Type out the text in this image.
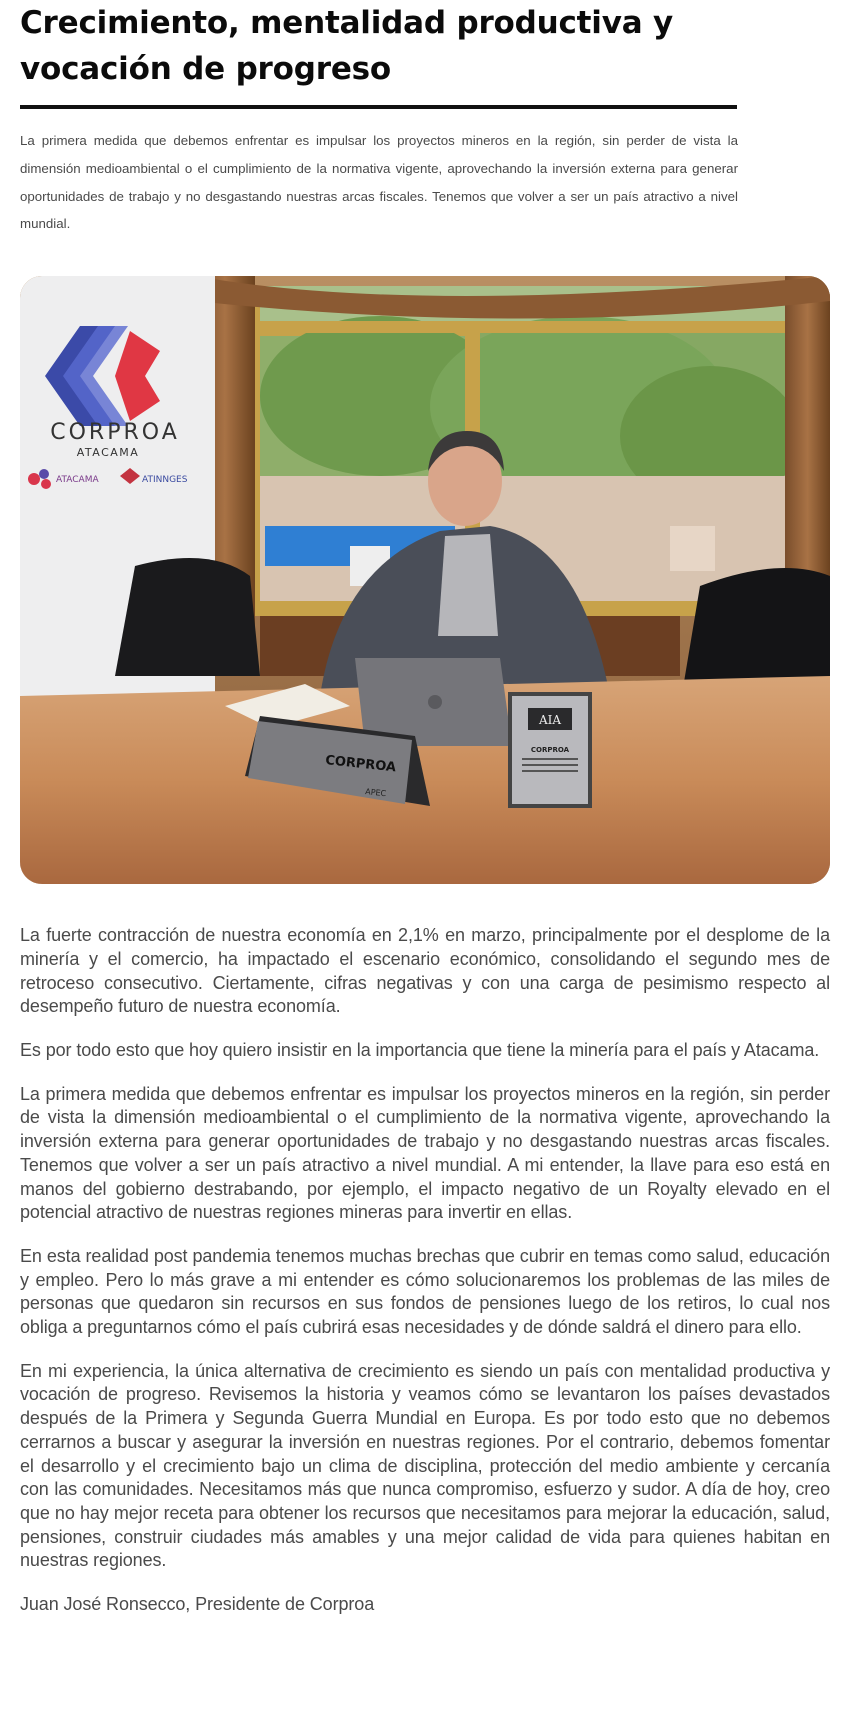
Crecimiento, mentalidad productiva y vocación de progreso

La primera medida que debemos enfrentar es impulsar los proyectos mineros en la región, sin perder de vista la dimensión medioambiental o el cumplimiento de la normativa vigente, aprovechando la inversión externa para generar oportunidades de trabajo y no desgastando nuestras arcas fiscales. Tenemos que volver a ser un país atractivo a nivel mundial.

CORPROA
ATACAMA
ATACAMA	ATINNGES
CORPROA
APEC
AIA
CORPROA

La fuerte contracción de nuestra economía en 2,1% en marzo, principalmente por el desplome de la minería y el comercio, ha impactado el escenario económico, consolidando el segundo mes de retroceso consecutivo. Ciertamente, cifras negativas y con una carga de pesimismo respecto al desempeño futuro de nuestra economía.

Es por todo esto que hoy quiero insistir en la importancia que tiene la minería para el país y Atacama.

La primera medida que debemos enfrentar es impulsar los proyectos mineros en la región, sin perder de vista la dimensión medioambiental o el cumplimiento de la normativa vigente, aprovechando la inversión externa para generar oportunidades de trabajo y no desgastando nuestras arcas fiscales. Tenemos que volver a ser un país atractivo a nivel mundial. A mi entender, la llave para eso está en manos del gobierno destrabando, por ejemplo, el impacto negativo de un Royalty elevado en el potencial atractivo de nuestras regiones mineras para invertir en ellas.

En esta realidad post pandemia tenemos muchas brechas que cubrir en temas como salud, educación y empleo. Pero lo más grave a mi entender es cómo solucionaremos los problemas de las miles de personas que quedaron sin recursos en sus fondos de pensiones luego de los retiros, lo cual nos obliga a preguntarnos cómo el país cubrirá esas necesidades y de dónde saldrá el dinero para ello.

En mi experiencia, la única alternativa de crecimiento es siendo un país con mentalidad productiva y vocación de progreso. Revisemos la historia y veamos cómo se levantaron los países devastados después de la Primera y Segunda Guerra Mundial en Europa. Es por todo esto que no debemos cerrarnos a buscar y asegurar la inversión en nuestras regiones. Por el contrario, debemos fomentar el desarrollo y el crecimiento bajo un clima de disciplina, protección del medio ambiente y cercanía con las comunidades. Necesitamos más que nunca compromiso, esfuerzo y sudor. A día de hoy, creo que no hay mejor receta para obtener los recursos que necesitamos para mejorar la educación, salud, pensiones, construir ciudades más amables y una mejor calidad de vida para quienes habitan en nuestras regiones.

Juan José Ronsecco, Presidente de Corproa
